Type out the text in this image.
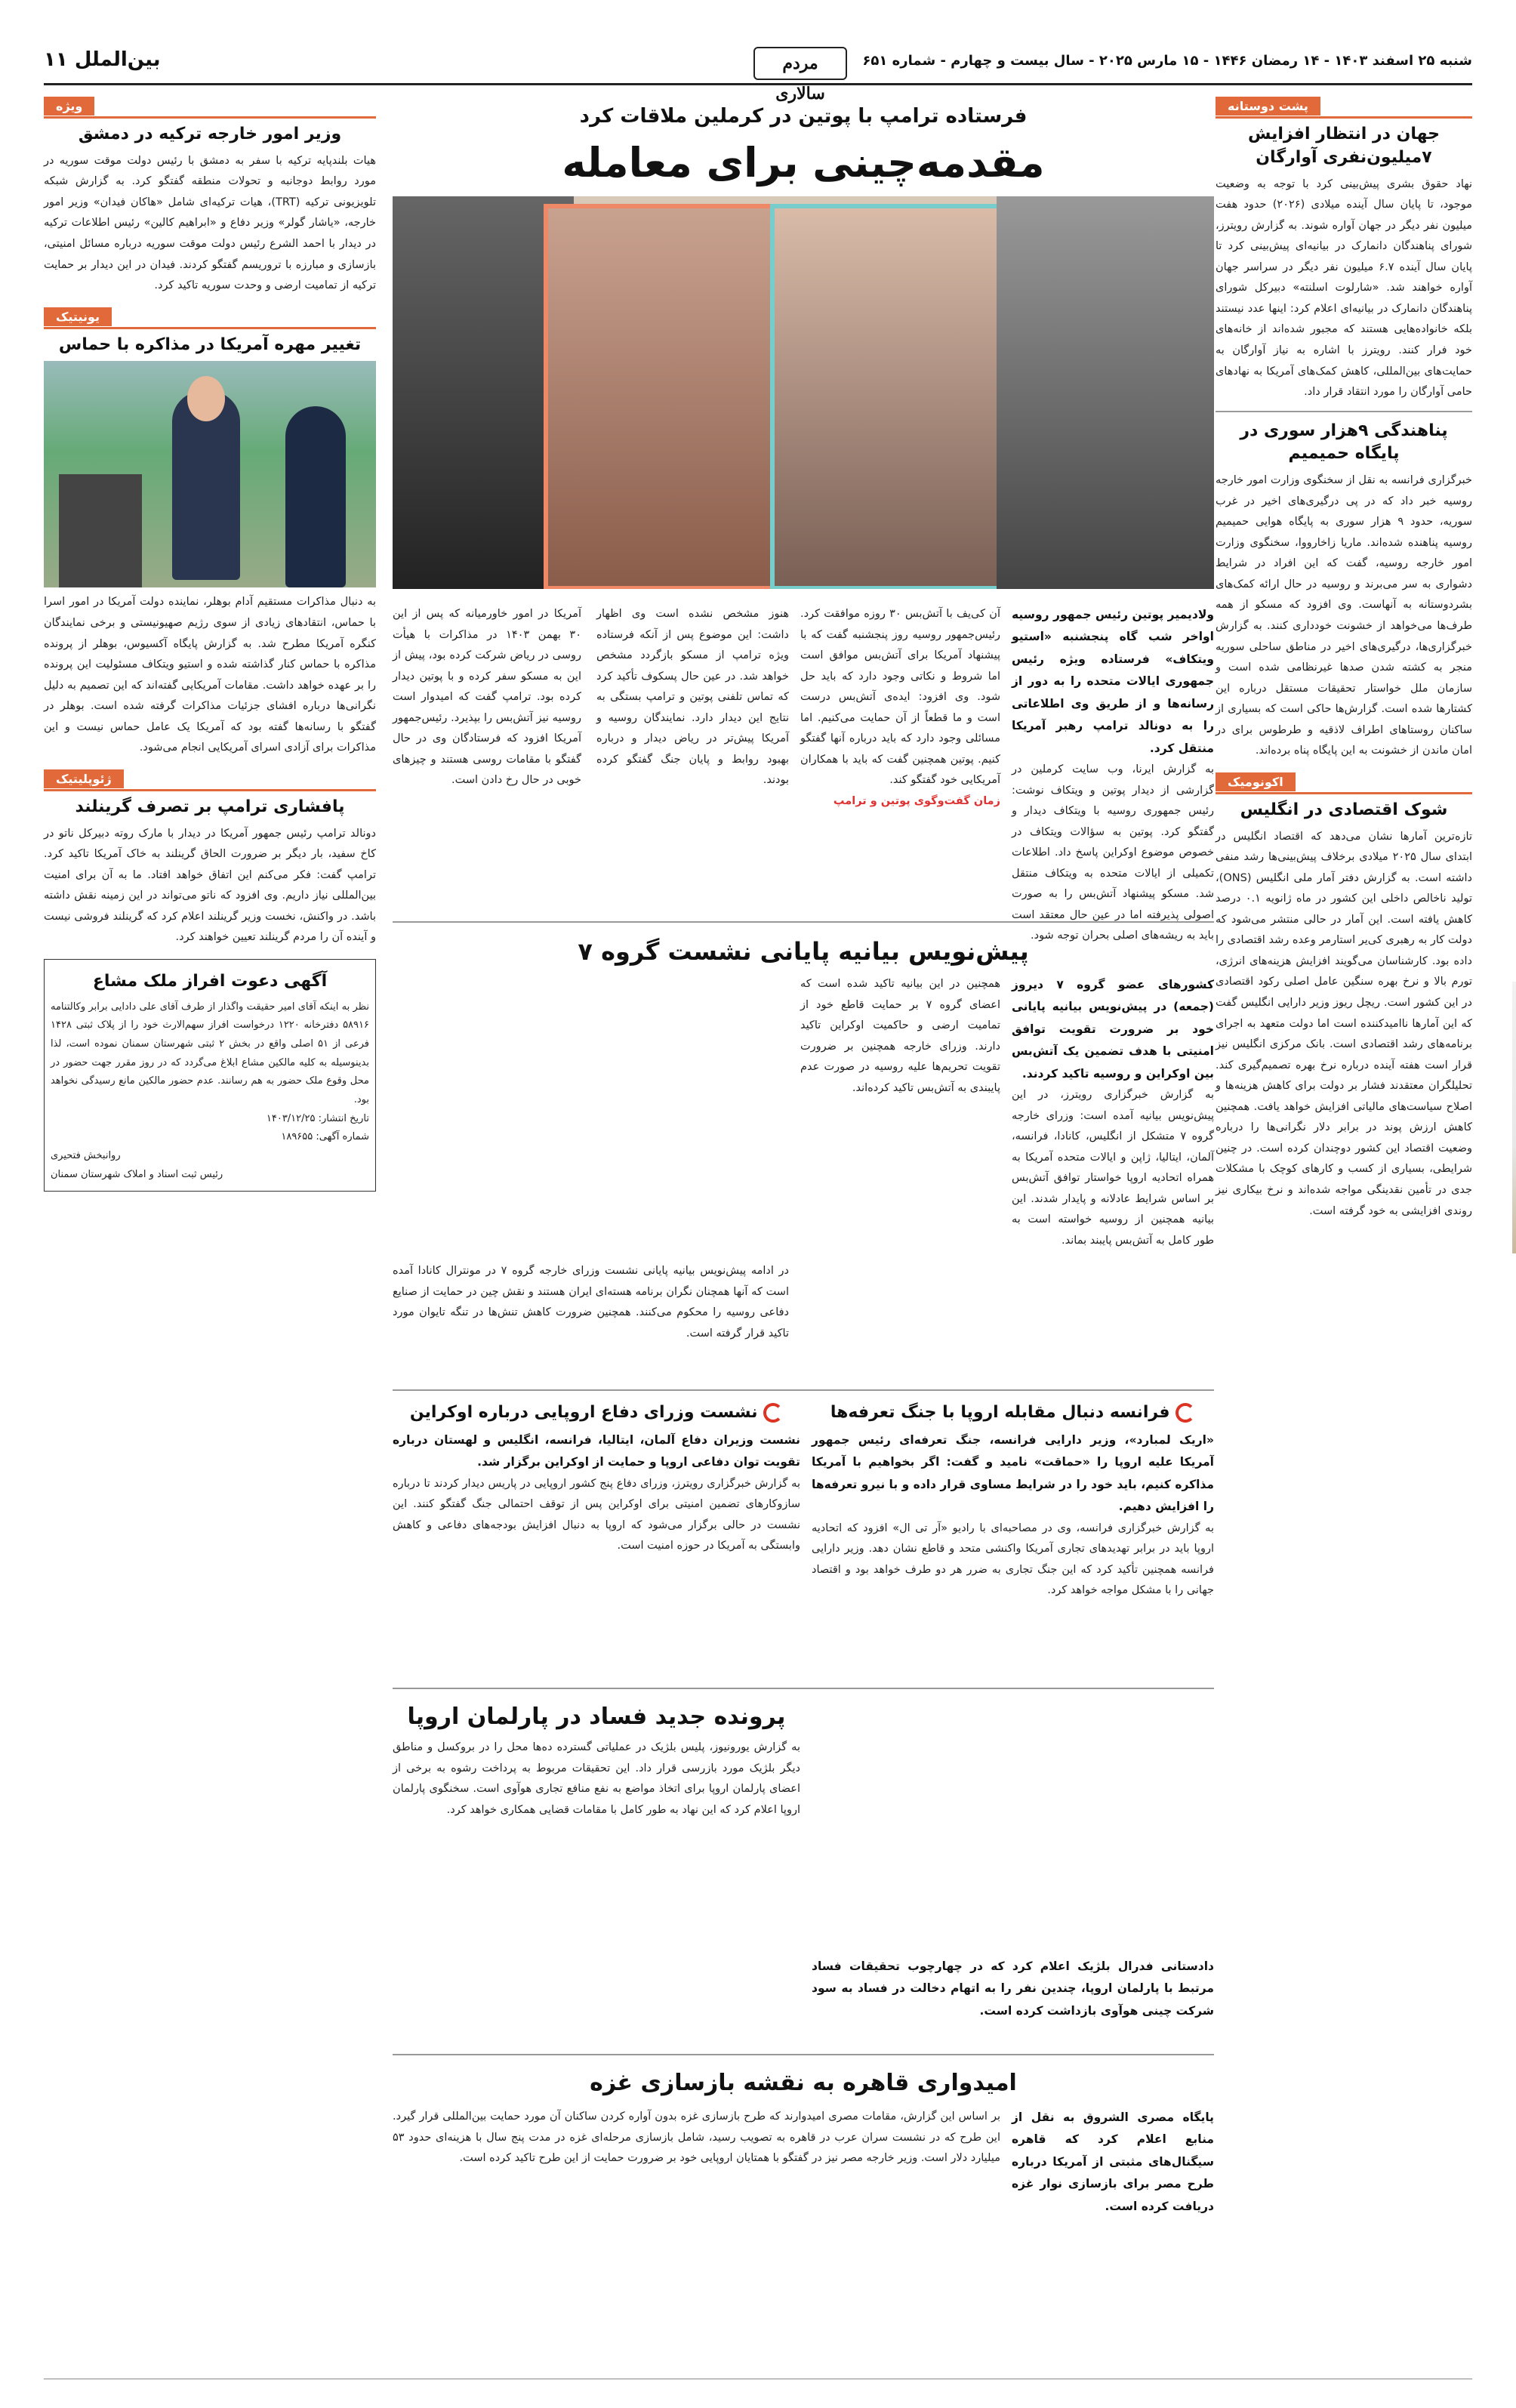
بین‌الملل ۱۱	مردم سالاری
شنبه ۲۵ اسفند ۱۴۰۳ - ۱۴ رمضان ۱۴۴۶ - ۱۵ مارس ۲۰۲۵ - سال بیست و چهارم - شماره ۶۵۱
پشت دوستانه
جهان در انتظار افزایش ۷میلیون‌نفری آوارگان
نهاد حقوق بشری پیش‌بینی کرد با توجه به وضعیت موجود، تا پایان سال آینده میلادی (۲۰۲۶) حدود هفت میلیون نفر دیگر در جهان آواره شوند. به گزارش رویترز، شورای پناهندگان دانمارک در بیانیه‌ای پیش‌بینی کرد تا پایان سال آینده ۶.۷ میلیون نفر دیگر در سراسر جهان آواره خواهند شد. «شارلوت اسلنته» دبیرکل شورای پناهندگان دانمارک در بیانیه‌ای اعلام کرد: اینها عدد نیستند بلکه خانواده‌هایی هستند که مجبور شده‌اند از خانه‌های خود فرار کنند. رویترز با اشاره به نیاز آوارگان به حمایت‌های بین‌المللی، کاهش کمک‌های آمریکا به نهادهای حامی آوارگان را مورد انتقاد قرار داد.
پناهندگی ۹هزار سوری در پایگاه حمیمیم
خبرگزاری فرانسه به نقل از سخنگوی وزارت امور خارجه روسیه خبر داد که در پی درگیری‌های اخیر در غرب سوریه، حدود ۹ هزار سوری به پایگاه هوایی حمیمیم روسیه پناهنده شده‌اند. ماریا زاخارووا، سخنگوی وزارت امور خارجه روسیه، گفت که این افراد در شرایط دشواری به سر می‌برند و روسیه در حال ارائه کمک‌های بشردوستانه به آنهاست. وی افزود که مسکو از همه طرف‌ها می‌خواهد از خشونت خودداری کنند. به گزارش خبرگزاری‌ها، درگیری‌های اخیر در مناطق ساحلی سوریه منجر به کشته شدن صدها غیرنظامی شده است و سازمان ملل خواستار تحقیقات مستقل درباره این کشتارها شده است. گزارش‌ها حاکی است که بسیاری از ساکنان روستاهای اطراف لاذقیه و طرطوس برای در امان ماندن از خشونت به این پایگاه پناه برده‌اند.
اکونومیک
شوک اقتصادی در انگلیس
تازه‌ترین آمارها نشان می‌دهد که اقتصاد انگلیس در ابتدای سال ۲۰۲۵ میلادی برخلاف پیش‌بینی‌ها رشد منفی داشته است. به گزارش دفتر آمار ملی انگلیس (ONS)، تولید ناخالص داخلی این کشور در ماه ژانویه ۰.۱ درصد کاهش یافته است. این آمار در حالی منتشر می‌شود که دولت کار به رهبری کی‌یر استارمر وعده رشد اقتصادی را داده بود. کارشناسان می‌گویند افزایش هزینه‌های انرژی، تورم بالا و نرخ بهره سنگین عامل اصلی رکود اقتصادی در این کشور است. ریچل ریوز وزیر دارایی انگلیس گفت که این آمارها ناامیدکننده است اما دولت متعهد به اجرای برنامه‌های رشد اقتصادی است. بانک مرکزی انگلیس نیز قرار است هفته آینده درباره نرخ بهره تصمیم‌گیری کند. تحلیلگران معتقدند فشار بر دولت برای کاهش هزینه‌ها و اصلاح سیاست‌های مالیاتی افزایش خواهد یافت. همچنین کاهش ارزش پوند در برابر دلار نگرانی‌ها را درباره وضعیت اقتصاد این کشور دوچندان کرده است. در چنین شرایطی، بسیاری از کسب و کارهای کوچک با مشکلات جدی در تأمین نقدینگی مواجه شده‌اند و نرخ بیکاری نیز روندی افزایشی به خود گرفته است.
ویژه
وزیر امور خارجه ترکیه در دمشق
هیات بلندپایه ترکیه با سفر به دمشق با رئیس دولت موقت سوریه در مورد روابط دوجانبه و تحولات منطقه گفتگو کرد. به گزارش شبکه تلویزیونی ترکیه (TRT)، هیات ترکیه‌ای شامل «هاکان فیدان» وزیر امور خارجه، «یاشار گولر» وزیر دفاع و «ابراهیم کالین» رئیس اطلاعات ترکیه در دیدار با احمد الشرع رئیس دولت موقت سوریه درباره مسائل امنیتی، بازسازی و مبارزه با تروریسم گفتگو کردند. فیدان در این دیدار بر حمایت ترکیه از تمامیت ارضی و وحدت سوریه تاکید کرد.
یونیتیک
تغییر مهره آمریکا در مذاکره با حماس
به دنبال مذاکرات مستقیم آدام بوهلر، نماینده دولت آمریکا در امور اسرا با حماس، انتقادهای زیادی از سوی رژیم صهیونیستی و برخی نمایندگان کنگره آمریکا مطرح شد. به گزارش پایگاه آکسیوس، بوهلر از پرونده مذاکره با حماس کنار گذاشته شده و استیو ویتکاف مسئولیت این پرونده را بر عهده خواهد داشت. مقامات آمریکایی گفته‌اند که این تصمیم به دلیل نگرانی‌ها درباره افشای جزئیات مذاکرات گرفته شده است. بوهلر در گفتگو با رسانه‌ها گفته بود که آمریکا یک عامل حماس نیست و این مذاکرات برای آزادی اسرای آمریکایی انجام می‌شود.
ژئوپلیتیک
پافشاری ترامپ بر تصرف گرینلند
دونالد ترامپ رئیس جمهور آمریکا در دیدار با مارک روته دبیرکل ناتو در کاخ سفید، بار دیگر بر ضرورت الحاق گرینلند به خاک آمریکا تاکید کرد. ترامپ گفت: فکر می‌کنم این اتفاق خواهد افتاد. ما به آن برای امنیت بین‌المللی نیاز داریم. وی افزود که ناتو می‌تواند در این زمینه نقش داشته باشد. در واکنش، نخست وزیر گرینلند اعلام کرد که گرینلند فروشی نیست و آینده آن را مردم گرینلند تعیین خواهند کرد.
آگهی دعوت افراز ملک مشاع
نظر به اینکه آقای امیر حقیقت واگذار از طرف آقای علی دادایی برابر وکالتنامه ۵۸۹۱۶ دفترخانه ۱۲۲۰ درخواست افراز سهم‌الارث خود را از پلاک ثبتی ۱۴۲۸ فرعی از ۵۱ اصلی واقع در بخش ۲ ثبتی شهرستان سمنان نموده است، لذا بدینوسیله به کلیه مالکین مشاع ابلاغ می‌گردد که در روز مقرر جهت حضور در محل وقوع ملک حضور به هم رسانند. عدم حضور مالکین مانع رسیدگی نخواهد بود.
تاریخ انتشار: ۱۴۰۳/۱۲/۲۵
شماره آگهی: ۱۸۹۶۵۵
روانبخش فتحیری
رئیس ثبت اسناد و املاک شهرستان سمنان
فرستاده ترامپ با پوتین در کرملین ملاقات کرد
مقدمه‌چینی برای معامله
ولادیمیر پوتین رئیس جمهور روسیه اواخر شب گاه پنجشنبه «استیو ویتکاف» فرستاده ویژه رئیس جمهوری ایالات متحده را به دور از رسانه‌ها و از طریق وی اطلاعاتی را به دونالد ترامپ رهبر آمریکا منتقل کرد.
به گزارش ایرنا، وب سایت کرملین در گزارشی از دیدار پوتین و ویتکاف نوشت: رئیس جمهوری روسیه با ویتکاف دیدار و گفتگو کرد. پوتین به سؤالات ویتکاف در خصوص موضوع اوکراین پاسخ داد. اطلاعات تکمیلی از ایالات متحده به ویتکاف منتقل شد. مسکو پیشنهاد آتش‌بس را به صورت اصولی پذیرفته اما در عین حال معتقد است باید به ریشه‌های اصلی بحران توجه شود.
آن کی‌یف با آتش‌بس ۳۰ روزه موافقت کرد. رئیس‌جمهور روسیه روز پنجشنبه گفت که با پیشنهاد آمریکا برای آتش‌بس موافق است اما شروط و نکاتی وجود دارد که باید حل شود. وی افزود: ایده‌ی آتش‌بس درست است و ما قطعاً از آن حمایت می‌کنیم. اما مسائلی وجود دارد که باید درباره آنها گفتگو کنیم. پوتین همچنین گفت که باید با همکاران آمریکایی خود گفتگو کند.
زمان گفت‌وگوی پوتین و ترامپ
هنوز مشخص نشده است وی اظهار داشت: این موضوع پس از آنکه فرستاده ویژه ترامپ از مسکو بازگردد مشخص خواهد شد. در عین حال پسکوف تأکید کرد که تماس تلفنی پوتین و ترامپ بستگی به نتایج این دیدار دارد. نمایندگان روسیه و آمریکا پیش‌تر در ریاض دیدار و درباره بهبود روابط و پایان جنگ گفتگو کرده بودند.
آمریکا در امور خاورمیانه که پس از این ۳۰ بهمن ۱۴۰۳ در مذاکرات با هیأت روسی در ریاض شرکت کرده بود، پیش از این به مسکو سفر کرده و با پوتین دیدار کرده بود. ترامپ گفت که امیدوار است روسیه نیز آتش‌بس را بپذیرد. رئیس‌جمهور آمریکا افزود که فرستادگان وی در حال گفتگو با مقامات روسی هستند و چیزهای خوبی در حال رخ دادن است.
پیش‌نویس بیانیه پایانی نشست گروه ۷
کشورهای عضو گروه ۷ دیروز (جمعه) در پیش‌نویس بیانیه پایانی خود بر ضرورت تقویت توافق امنیتی با هدف تضمین یک آتش‌بس بین اوکراین و روسیه تاکید کردند.
به گزارش خبرگزاری رویترز، در این پیش‌نویس بیانیه آمده است: وزرای خارجه گروه ۷ متشکل از انگلیس، کانادا، فرانسه، آلمان، ایتالیا، ژاپن و ایالات متحده آمریکا به همراه اتحادیه اروپا خواستار توافق آتش‌بس بر اساس شرایط عادلانه و پایدار شدند. این بیانیه همچنین از روسیه خواسته است به طور کامل به آتش‌بس پایبند بماند.
همچنین در این بیانیه تاکید شده است که اعضای گروه ۷ بر حمایت قاطع خود از تمامیت ارضی و حاکمیت اوکراین تاکید دارند. وزرای خارجه همچنین بر ضرورت تقویت تحریم‌ها علیه روسیه در صورت عدم پایبندی به آتش‌بس تاکید کرده‌اند.
در ادامه پیش‌نویس بیانیه پایانی نشست وزرای خارجه گروه ۷ در مونترال کانادا آمده است که آنها همچنان نگران برنامه هسته‌ای ایران هستند و نقش چین در حمایت از صنایع دفاعی روسیه را محکوم می‌کنند. همچنین ضرورت کاهش تنش‌ها در تنگه تایوان مورد تاکید قرار گرفته است.
فرانسه دنبال مقابله اروپا با جنگ تعرفه‌ها
«اریک لمبارد»، وزیر دارایی فرانسه، جنگ تعرفه‌ای رئیس جمهور آمریکا علیه اروپا را «حماقت» نامید و گفت: اگر بخواهیم با آمریکا مذاکره کنیم، باید خود را در شرایط مساوی قرار داده و با نیرو تعرفه‌ها را افزایش دهیم.
به گزارش خبرگزاری فرانسه، وی در مصاحبه‌ای با رادیو «آر تی ال» افزود که اتحادیه اروپا باید در برابر تهدیدهای تجاری آمریکا واکنشی متحد و قاطع نشان دهد. وزیر دارایی فرانسه همچنین تأکید کرد که این جنگ تجاری به ضرر هر دو طرف خواهد بود و اقتصاد جهانی را با مشکل مواجه خواهد کرد.
نشست وزرای دفاع اروپایی درباره اوکراین
نشست وزیران دفاع آلمان، ایتالیا، فرانسه، انگلیس و لهستان درباره تقویت توان دفاعی اروپا و حمایت از اوکراین برگزار شد.
به گزارش خبرگزاری رویترز، وزرای دفاع پنج کشور اروپایی در پاریس دیدار کردند تا درباره سازوکارهای تضمین امنیتی برای اوکراین پس از توقف احتمالی جنگ گفتگو کنند. این نشست در حالی برگزار می‌شود که اروپا به دنبال افزایش بودجه‌های دفاعی و کاهش وابستگی به آمریکا در حوزه امنیت است.
پرونده جدید فساد در پارلمان اروپا
به گزارش یورونیوز، پلیس بلژیک در عملیاتی گسترده ده‌ها محل را در بروکسل و مناطق دیگر بلژیک مورد بازرسی قرار داد. این تحقیقات مربوط به پرداخت رشوه به برخی از اعضای پارلمان اروپا برای اتخاذ مواضع به نفع منافع تجاری هوآوی است. سخنگوی پارلمان اروپا اعلام کرد که این نهاد به طور کامل با مقامات قضایی همکاری خواهد کرد.
دادستانی فدرال بلژیک اعلام کرد که در چهارچوب تحقیقات فساد مرتبط با پارلمان اروپا، چندین نفر را به اتهام دخالت در فساد به سود شرکت چینی هوآوی بازداشت کرده است.
امیدواری قاهره به نقشه بازسازی غزه
پایگاه مصری الشروق به نقل از منابع اعلام کرد که قاهره سیگنال‌های مثبتی از آمریکا درباره طرح مصر برای بازسازی نوار غزه دریافت کرده است.
بر اساس این گزارش، مقامات مصری امیدوارند که طرح بازسازی غزه بدون آواره کردن ساکنان آن مورد حمایت بین‌المللی قرار گیرد. این طرح که در نشست سران عرب در قاهره به تصویب رسید، شامل بازسازی مرحله‌ای غزه در مدت پنج سال با هزینه‌ای حدود ۵۳ میلیارد دلار است. وزیر خارجه مصر نیز در گفتگو با همتایان اروپایی خود بر ضرورت حمایت از این طرح تاکید کرده است.
